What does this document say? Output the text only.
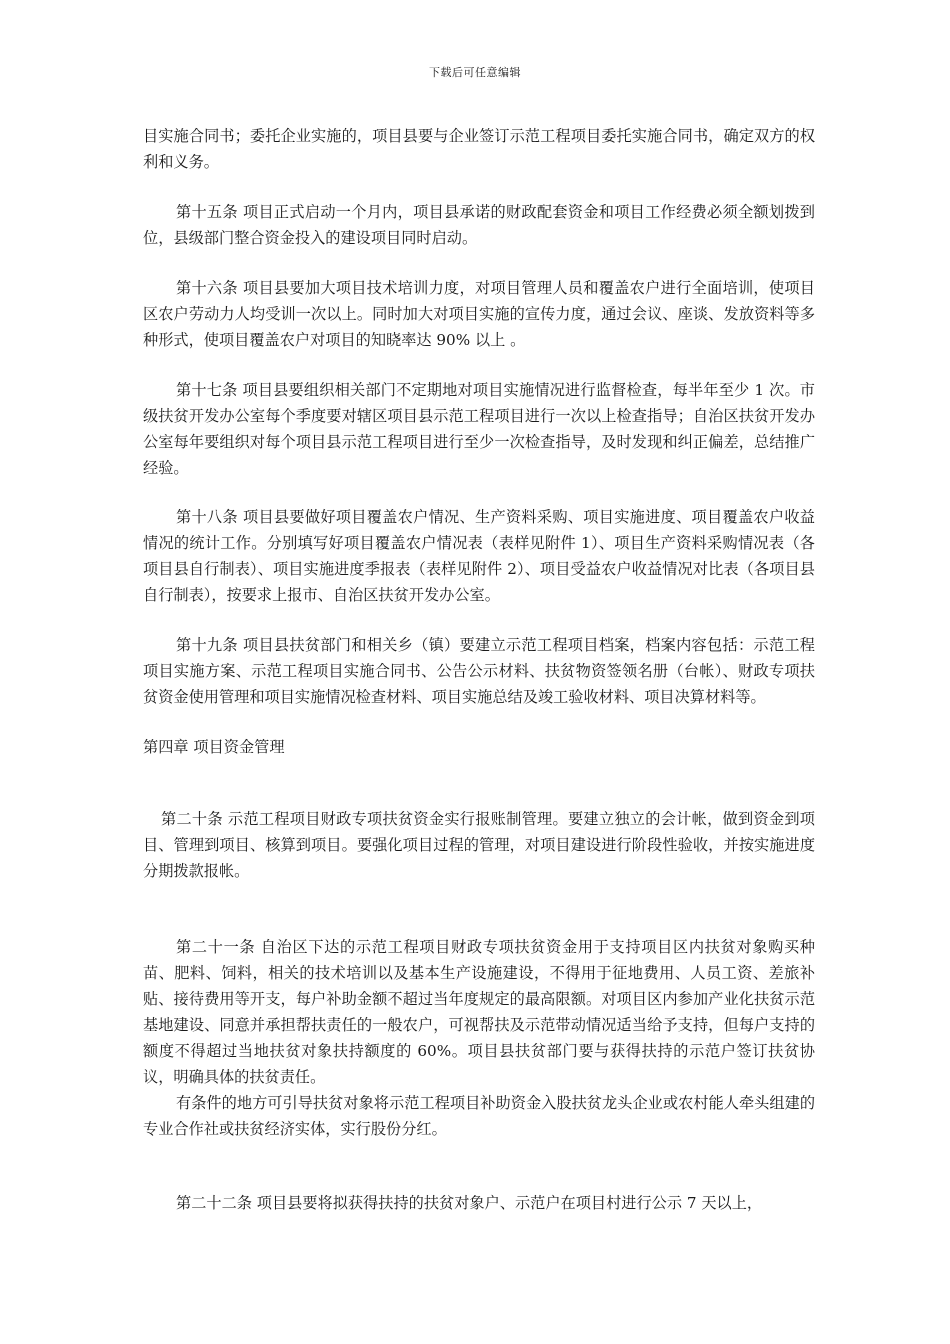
下载后可任意编辑

目实施合同书；委托企业实施的，项目县要与企业签订示范工程项目委托实施合同书，确定双方的权利和义务。

第十五条 项目正式启动一个月内，项目县承诺的财政配套资金和项目工作经费必须全额划拨到位，县级部门整合资金投入的建设项目同时启动。

第十六条 项目县要加大项目技术培训力度，对项目管理人员和覆盖农户进行全面培训，使项目区农户劳动力人均受训一次以上。同时加大对项目实施的宣传力度，通过会议、座谈、发放资料等多种形式，使项目覆盖农户对项目的知晓率达 90% 以上 。

第十七条 项目县要组织相关部门不定期地对项目实施情况进行监督检查，每半年至少 1 次。市级扶贫开发办公室每个季度要对辖区项目县示范工程项目进行一次以上检查指导；自治区扶贫开发办公室每年要组织对每个项目县示范工程项目进行至少一次检查指导，及时发现和纠正偏差，总结推广经验。

第十八条 项目县要做好项目覆盖农户情况、生产资料采购、项目实施进度、项目覆盖农户收益情况的统计工作。分别填写好项目覆盖农户情况表（表样见附件 1）、项目生产资料采购情况表（各项目县自行制表）、项目实施进度季报表（表样见附件 2）、项目受益农户收益情况对比表（各项目县自行制表），按要求上报市、自治区扶贫开发办公室。

第十九条 项目县扶贫部门和相关乡（镇）要建立示范工程项目档案，档案内容包括：示范工程项目实施方案、示范工程项目实施合同书、公告公示材料、扶贫物资签领名册（台帐）、财政专项扶贫资金使用管理和项目实施情况检查材料、项目实施总结及竣工验收材料、项目决算材料等。

第四章 项目资金管理

第二十条 示范工程项目财政专项扶贫资金实行报账制管理。要建立独立的会计帐，做到资金到项目、管理到项目、核算到项目。要强化项目过程的管理，对项目建设进行阶段性验收，并按实施进度分期拨款报帐。

第二十一条 自治区下达的示范工程项目财政专项扶贫资金用于支持项目区内扶贫对象购买种苗、肥料、饲料，相关的技术培训以及基本生产设施建设，不得用于征地费用、人员工资、差旅补贴、接待费用等开支，每户补助金额不超过当年度规定的最高限额。对项目区内参加产业化扶贫示范基地建设、同意并承担帮扶责任的一般农户，可视帮扶及示范带动情况适当给予支持，但每户支持的额度不得超过当地扶贫对象扶持额度的 60%。项目县扶贫部门要与获得扶持的示范户签订扶贫协议，明确具体的扶贫责任。

有条件的地方可引导扶贫对象将示范工程项目补助资金入股扶贫龙头企业或农村能人牵头组建的专业合作社或扶贫经济实体，实行股份分红。

第二十二条 项目县要将拟获得扶持的扶贫对象户、示范户在项目村进行公示 7 天以上，
